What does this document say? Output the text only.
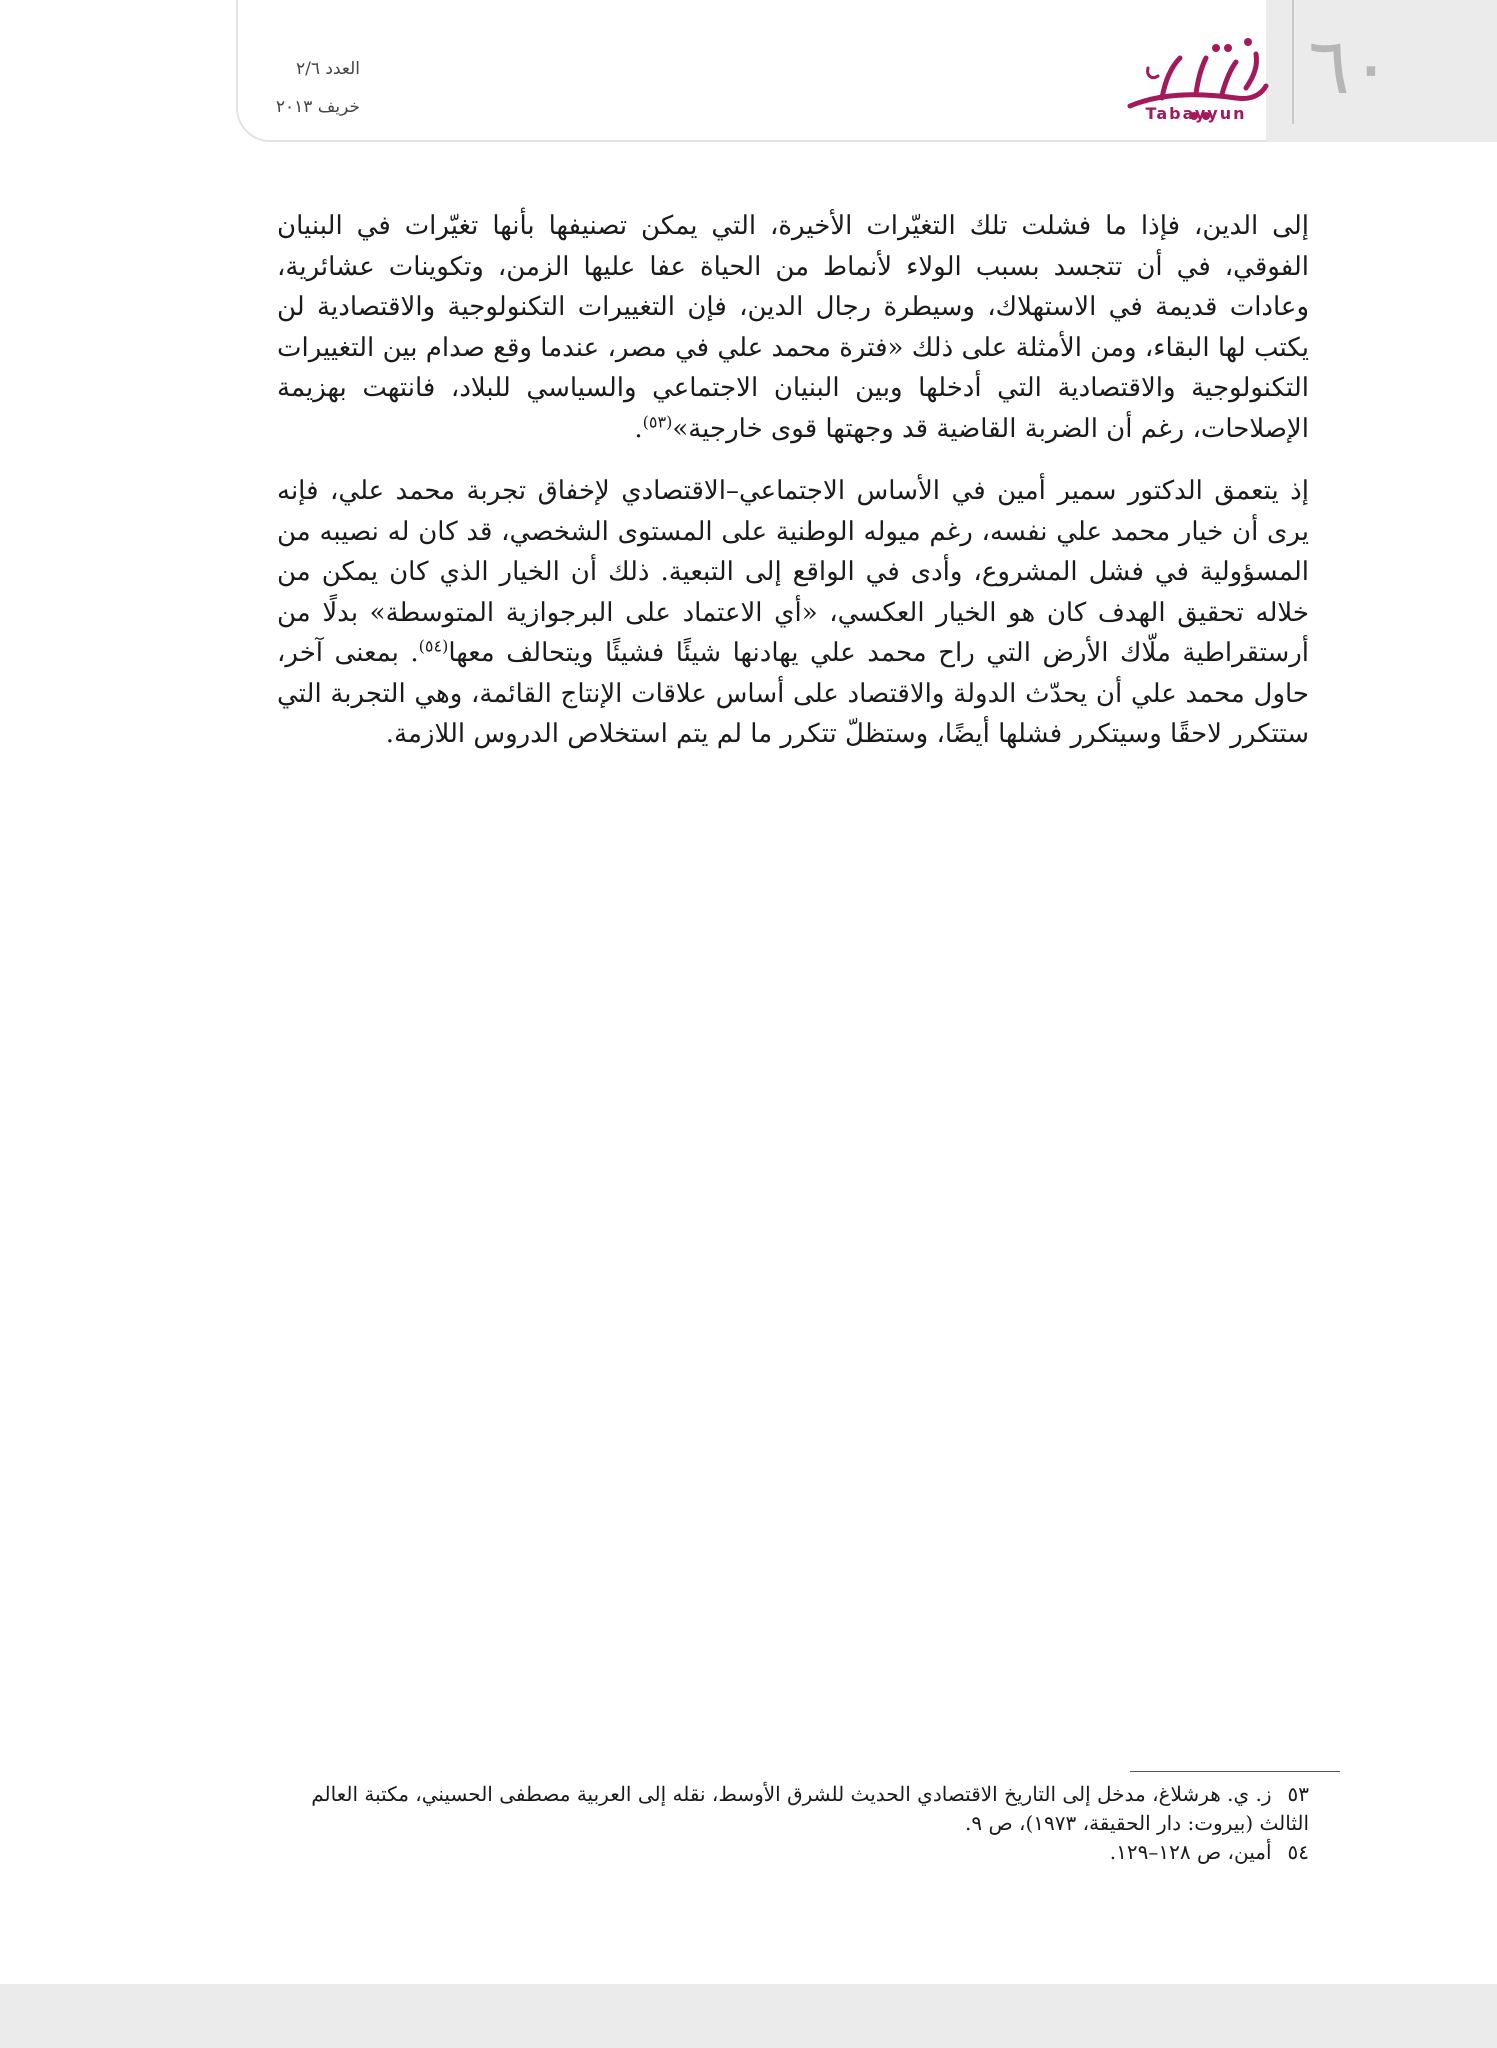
٦٠
Tabayyun
العدد ٢/٦
خريف ٢٠١٣

إلى الدين، فإذا ما فشلت تلك التغيّرات الأخيرة، التي يمكن تصنيفها بأنها تغيّرات في البنيان الفوقي، في أن تتجسد بسبب الولاء لأنماط من الحياة عفا عليها الزمن، وتكوينات عشائرية، وعادات قديمة في الاستهلاك، وسيطرة رجال الدين، فإن التغييرات التكنولوجية والاقتصادية لن يكتب لها البقاء، ومن الأمثلة على ذلك «فترة محمد علي في مصر، عندما وقع صدام بين التغييرات التكنولوجية والاقتصادية التي أدخلها وبين البنيان الاجتماعي والسياسي للبلاد، فانتهت بهزيمة الإصلاحات، رغم أن الضربة القاضية قد وجهتها قوى خارجية»$^{(٥٣)}$.

إذ يتعمق الدكتور سمير أمين في الأساس الاجتماعي–الاقتصادي لإخفاق تجربة محمد علي، فإنه يرى أن خيار محمد علي نفسه، رغم ميوله الوطنية على المستوى الشخصي، قد كان له نصيبه من المسؤولية في فشل المشروع، وأدى في الواقع إلى التبعية. ذلك أن الخيار الذي كان يمكن من خلاله تحقيق الهدف كان هو الخيار العكسي، «أي الاعتماد على البرجوازية المتوسطة» بدلًا من أرستقراطية ملّاك الأرض التي راح محمد علي يهادنها شيئًا فشيئًا ويتحالف معها$^{(٥٤)}$. بمعنى آخر، حاول محمد علي أن يحدّث الدولة والاقتصاد على أساس علاقات الإنتاج القائمة، وهي التجربة التي ستتكرر لاحقًا وسيتكرر فشلها أيضًا، وستظلّ تتكرر ما لم يتم استخلاص الدروس اللازمة.

٥٣ز. ي. هرشلاغ، مدخل إلى التاريخ الاقتصادي الحديث للشرق الأوسط، نقله إلى العربية مصطفى الحسيني، مكتبة العالم الثالث (بيروت: دار الحقيقة، ١٩٧٣)، ص ٩.

٥٤أمين، ص ١٢٨–١٢٩.
